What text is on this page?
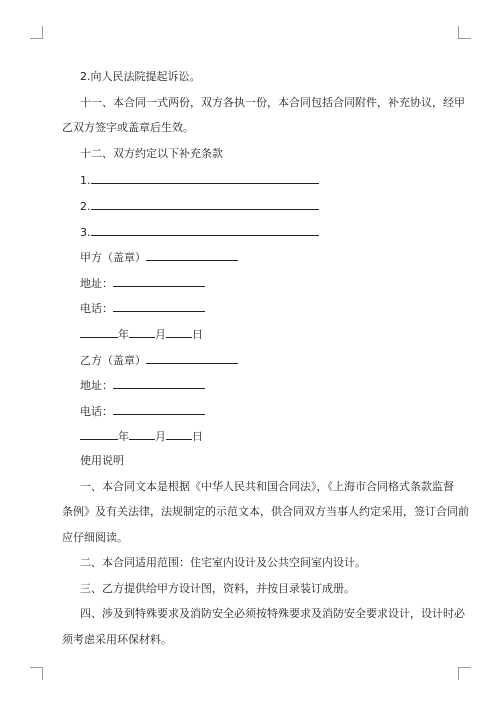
2.向人民法院提起诉讼。
十一、本合同一式两份，双方各执一份，本合同包括合同附件，补充协议，经甲
乙双方签字或盖章后生效。
十二、双方约定以下补充条款
1.
2.
3.
甲方（盖章）
地址：
电话：
年 月 日
乙方（盖章）
地址：
电话：
年 月 日
使用说明
一、本合同文本是根据《中华人民共和国合同法》，《上海市合同格式条款监督
条例》及有关法律，法规制定的示范文本，供合同双方当事人约定采用，签订合同前
应仔细阅读。
二、本合同适用范围：住宅室内设计及公共空间室内设计。
三、乙方提供给甲方设计图，资料，并按目录装订成册。
四、涉及到特殊要求及消防安全必须按特殊要求及消防安全要求设计，设计时必
须考虑采用环保材料。
